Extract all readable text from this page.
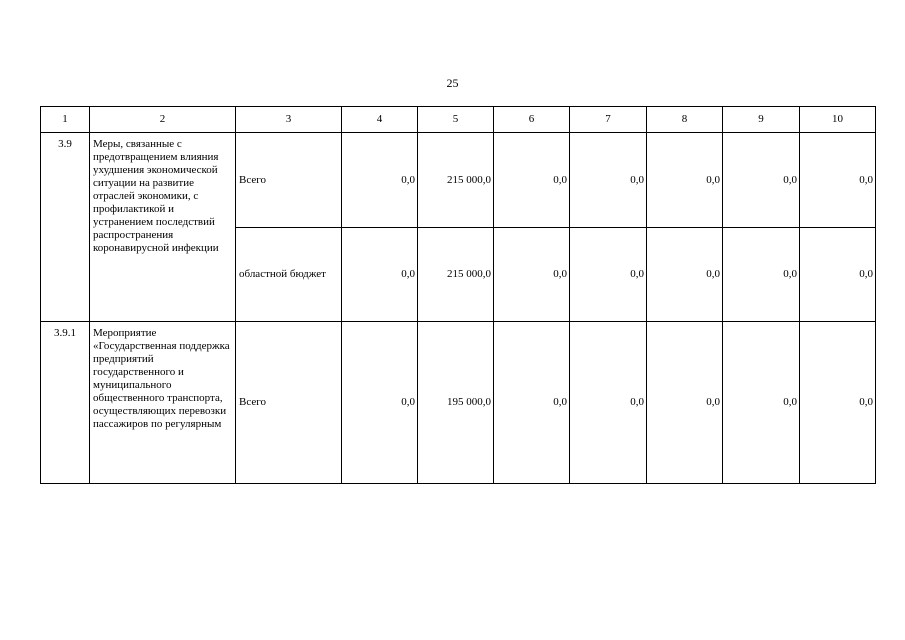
25
1	2	3	4	5	6	7	8	9	10
3.9	Меры, связанные с предотвращением влияния ухудшения экономической ситуации на развитие отраслей экономики, с профилактикой и устранением последствий распространения коронавирусной инфекции	Всего	0,0	215 000,0	0,0	0,0	0,0	0,0	0,0
		областной бюджет	0,0	215 000,0	0,0	0,0	0,0	0,0	0,0
3.9.1	Мероприятие «Государственная поддержка предприятий государственного и муниципального общественного транспорта, осуществляющих перевозки пассажиров по регулярным	Всего	0,0	195 000,0	0,0	0,0	0,0	0,0	0,0
